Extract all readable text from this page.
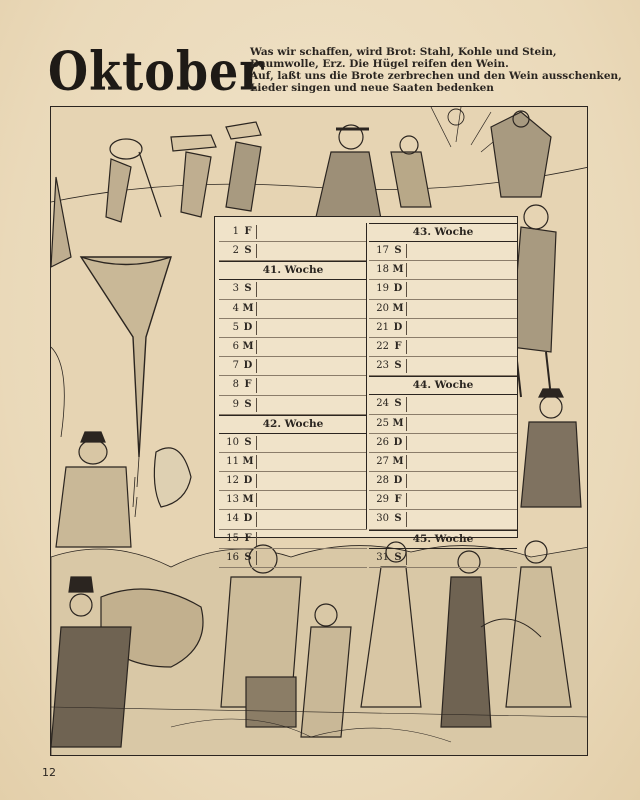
Oktober
Was wir schaffen, wird Brot: Stahl, Kohle und Stein,
Baumwolle, Erz. Die Hügel reifen den Wein.
Auf, laßt uns die Brote zerbrechen und den Wein ausschenken,
Lieder singen und neue Saaten bedenken
1 F
2 S
41. Woche
3 S
4 M
5 D
6 M
7 D
8 F
9 S
42. Woche
10 S
11 M
12 D
13 M
14 D
15 F
16 S
43. Woche
17 S
18 M
19 D
20 M
21 D
22 F
23 S
44. Woche
24 S
25 M
26 D
27 M
28 D
29 F
30 S
45. Woche
31 S
12
